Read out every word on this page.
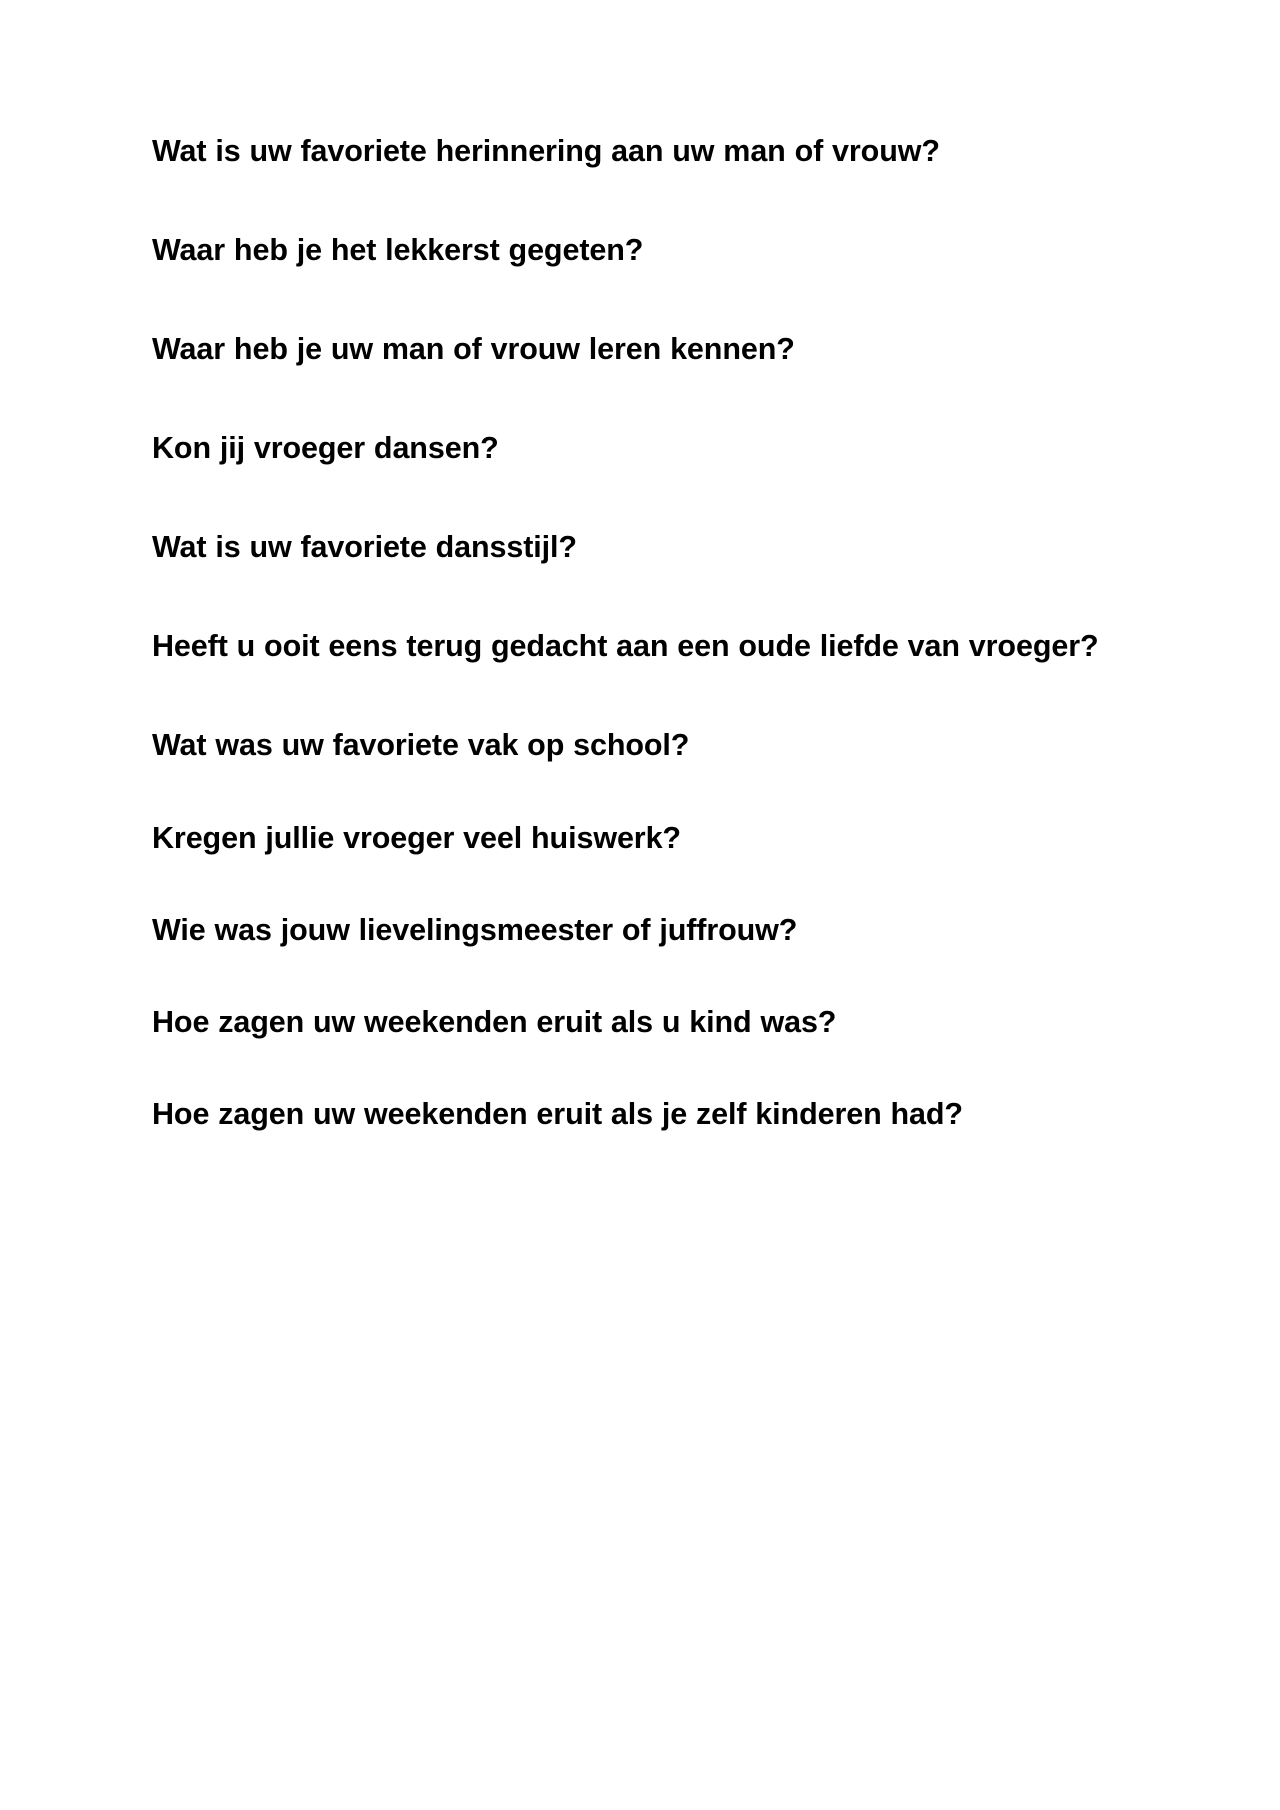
Wat is uw favoriete herinnering aan uw man of vrouw?

Waar heb je het lekkerst gegeten?

Waar heb je uw man of vrouw leren kennen?

Kon jij vroeger dansen?

Wat is uw favoriete dansstijl?

Heeft u ooit eens terug gedacht aan een oude liefde van vroeger?

Wat was uw favoriete vak op school?

Kregen jullie vroeger veel huiswerk?

Wie was jouw lievelingsmeester of juffrouw?

Hoe zagen uw weekenden eruit als u kind was?

Hoe zagen uw weekenden eruit als je zelf kinderen had?
